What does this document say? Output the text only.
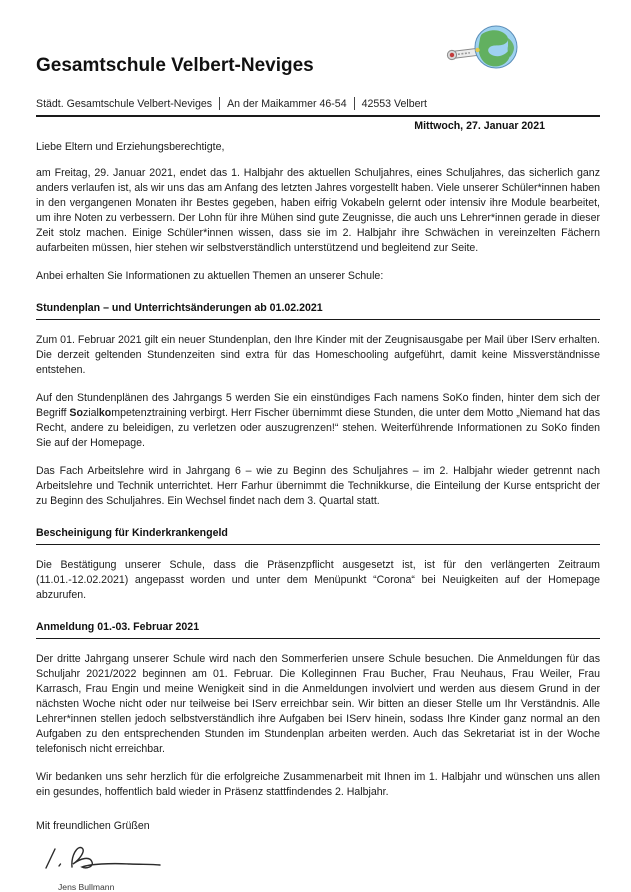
Gesamtschule Velbert-Neviges
Städt. Gesamtschule Velbert-Neviges An der Maikammer 46-54 42553 Velbert
Mittwoch, 27. Januar 2021

Liebe Eltern und Erziehungsberechtigte,

am Freitag, 29. Januar 2021, endet das 1. Halbjahr des aktuellen Schuljahres, eines Schuljahres, das sicherlich ganz anders verlaufen ist, als wir uns das am Anfang des letzten Jahres vorgestellt haben. Viele unserer Schüler*innen haben in den vergangenen Monaten ihr Bestes gegeben, haben eifrig Vokabeln gelernt oder intensiv ihre Module bearbeitet, um ihre Noten zu verbessern. Der Lohn für ihre Mühen sind gute Zeugnisse, die auch uns Lehrer*innen gerade in dieser Zeit stolz machen. Einige Schüler*innen wissen, dass sie im 2. Halbjahr ihre Schwächen in vereinzelten Fächern aufarbeiten müssen, hier stehen wir selbstverständlich unterstützend und begleitend zur Seite.

Anbei erhalten Sie Informationen zu aktuellen Themen an unserer Schule:

Stundenplan – und Unterrichtsänderungen ab 01.02.2021

Zum 01. Februar 2021 gilt ein neuer Stundenplan, den Ihre Kinder mit der Zeugnisausgabe per Mail über IServ erhalten. Die derzeit geltenden Stundenzeiten sind extra für das Homeschooling aufgeführt, damit keine Missverständnisse entstehen.

Auf den Stundenplänen des Jahrgangs 5 werden Sie ein einstündiges Fach namens SoKo finden, hinter dem sich der Begriff Sozialkompetenztraining verbirgt. Herr Fischer übernimmt diese Stunden, die unter dem Motto „Niemand hat das Recht, andere zu beleidigen, zu verletzen oder auszugrenzen!“ stehen. Weiterführende Informationen zu SoKo finden Sie auf der Homepage.

Das Fach Arbeitslehre wird in Jahrgang 6 – wie zu Beginn des Schuljahres – im 2. Halbjahr wieder getrennt nach Arbeitslehre und Technik unterrichtet. Herr Farhur übernimmt die Technikkurse, die Einteilung der Kurse entspricht der zu Beginn des Schuljahres. Ein Wechsel findet nach dem 3. Quartal statt.

Bescheinigung für Kinderkrankengeld

Die Bestätigung unserer Schule, dass die Präsenzpflicht ausgesetzt ist, ist für den verlängerten Zeitraum (11.01.-12.02.2021) angepasst worden und unter dem Menüpunkt “Corona“ bei Neuigkeiten auf der Homepage abzurufen.

Anmeldung 01.-03. Februar 2021

Der dritte Jahrgang unserer Schule wird nach den Sommerferien unsere Schule besuchen. Die Anmeldungen für das Schuljahr 2021/2022 beginnen am 01. Februar. Die Kolleginnen Frau Bucher, Frau Neuhaus, Frau Weiler, Frau Karrasch, Frau Engin und meine Wenigkeit sind in die Anmeldungen involviert und werden aus diesem Grund in der nächsten Woche nicht oder nur teilweise bei IServ erreichbar sein. Wir bitten an dieser Stelle um Ihr Verständnis. Alle Lehrer*innen stellen jedoch selbstverständlich ihre Aufgaben bei IServ hinein, sodass Ihre Kinder ganz normal an den Aufgaben zu den entsprechenden Stunden im Stundenplan arbeiten werden. Auch das Sekretariat ist in der Woche telefonisch nicht erreichbar.

Wir bedanken uns sehr herzlich für die erfolgreiche Zusammenarbeit mit Ihnen im 1. Halbjahr und wünschen uns allen ein gesundes, hoffentlich bald wieder in Präsenz stattfindendes 2. Halbjahr.

Mit freundlichen Grüßen

Jens Bullmann
